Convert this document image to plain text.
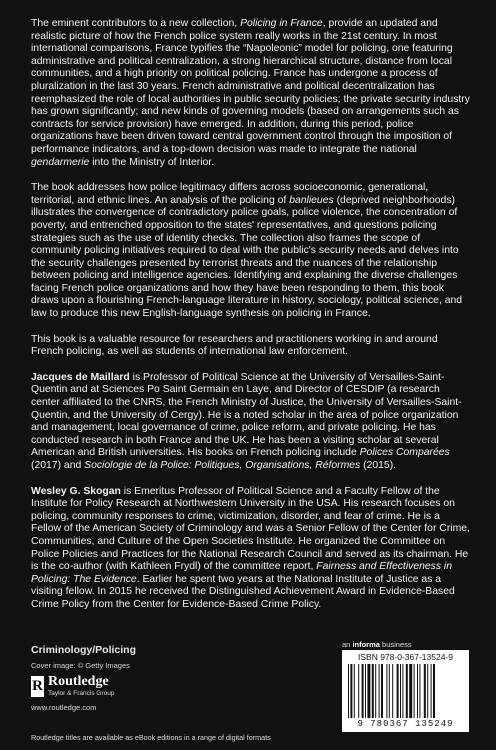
The eminent contributors to a new collection, Policing in France, provide an updated and realistic picture of how the French police system really works in the 21st century. In most international comparisons, France typifies the “Napoleonic” model for policing, one featuring administrative and political centralization, a strong hierarchical structure, distance from local communities, and a high priority on political policing. France has undergone a process of pluralization in the last 30 years. French administrative and political decentralization has reemphasized the role of local authorities in public security policies; the private security industry has grown significantly; and new kinds of governing models (based on arrangements such as contracts for service provision) have emerged. In addition, during this period, police organizations have been driven toward central government control through the imposition of performance indicators, and a top-down decision was made to integrate the national gendarmerie into the Ministry of Interior.

The book addresses how police legitimacy differs across socioeconomic, generational, territorial, and ethnic lines. An analysis of the policing of banlieues (deprived neighborhoods) illustrates the convergence of contradictory police goals, police violence, the concentration of poverty, and entrenched opposition to the states' representatives, and questions policing strategies such as the use of identity checks. The collection also frames the scope of community policing initiatives required to deal with the public's security needs and delves into the security challenges presented by terrorist threats and the nuances of the relationship between policing and intelligence agencies. Identifying and explaining the diverse challenges facing French police organizations and how they have been responding to them, this book draws upon a flourishing French-language literature in history, sociology, political science, and law to produce this new English-language synthesis on policing in France.

This book is a valuable resource for researchers and practitioners working in and around French policing, as well as students of international law enforcement.

Jacques de Maillard is Professor of Political Science at the University of Versailles-Saint-Quentin and at Sciences Po Saint Germain en Laye, and Director of CESDIP (a research center affiliated to the CNRS, the French Ministry of Justice, the University of Versailles-Saint-Quentin, and the University of Cergy). He is a noted scholar in the area of police organization and management, local governance of crime, police reform, and private policing. He has conducted research in both France and the UK. He has been a visiting scholar at several American and British universities. His books on French policing include Polices Comparées (2017) and Sociologie de la Police: Politiques, Organisations, Réformes (2015).

Wesley G. Skogan is Emeritus Professor of Political Science and a Faculty Fellow of the Institute for Policy Research at Northwestern University in the USA. His research focuses on policing, community responses to crime, victimization, disorder, and fear of crime. He is a Fellow of the American Society of Criminology and was a Senior Fellow of the Center for Crime, Communities, and Culture of the Open Societies Institute. He organized the Committee on Police Policies and Practices for the National Research Council and served as its chairman. He is the co-author (with Kathleen Frydl) of the committee report, Fairness and Effectiveness in Policing: The Evidence. Earlier he spent two years at the National Institute of Justice as a visiting fellow. In 2015 he received the Distinguished Achievement Award in Evidence-Based Crime Policy from the Center for Evidence-Based Crime Policy.

Criminology/Policing
Cover image: © Getty Images
R Routledge
Taylor & Francis Group
www.routledge.com
an informa business
ISBN 978-0-367-13524-9
9 780367 135249
Routledge titles are available as eBook editions in a range of digital formats
